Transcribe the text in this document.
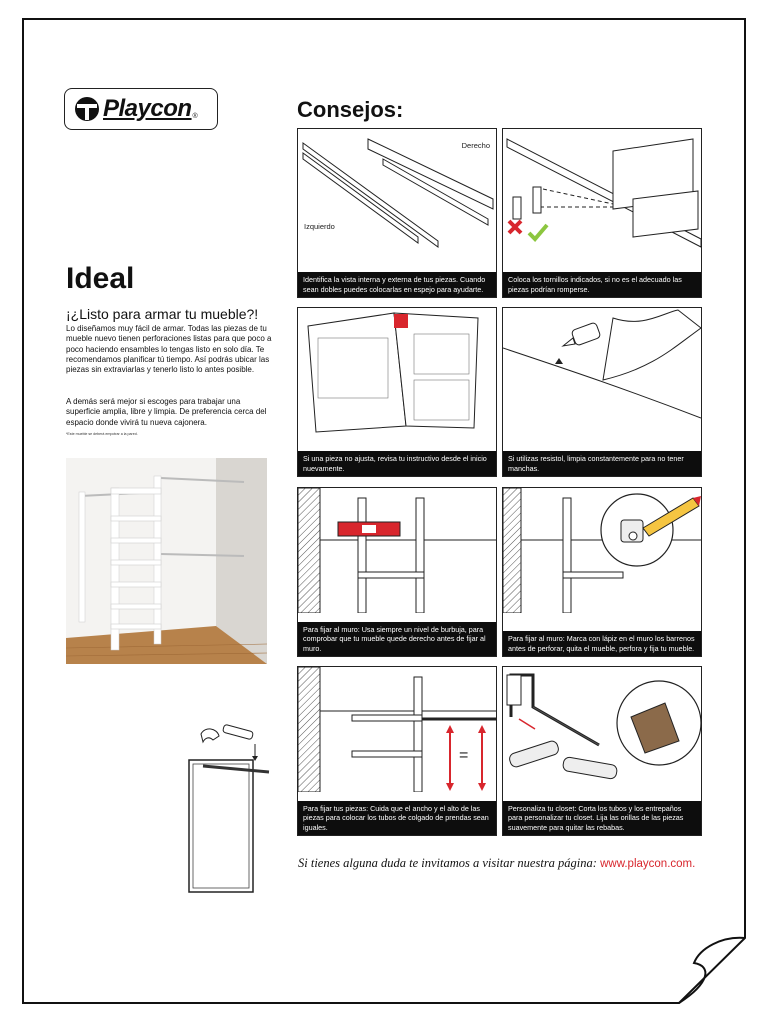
Playcon ®	Consejos:
Ideal

¡¿Listo para armar tu mueble?!

Lo diseñamos muy fácil de armar. Todas las piezas de tu mueble nuevo tienen perforaciones listas para que poco a poco haciendo ensambles lo tengas listo en solo día. Te recomendamos planificar tú tiempo. Así podrás ubicar las piezas sin extraviarlas y tenerlo listo lo antes posible.

A demás será mejor si escoges para trabajar una superficie amplia, libre y limpia. De preferencia cerca del espacio donde vivirá tu nueva cajonera.

*Este mueble se deberá empotrar a la pared.

Derecho
Izquierdo
Identifica la vista interna y externa de tus piezas. Cuando sean dobles puedes colocarlas en espejo para ayudarte.
Coloca los tornillos indicados, si no es el adecuado las piezas podrían romperse.
Si una pieza no ajusta, revisa tu instructivo desde el inicio nuevamente.
Si utilizas resistol, limpia constantemente para no tener manchas.
Para fijar al muro: Usa siempre un nivel de burbuja, para comprobar que tu mueble quede derecho antes de fijar al muro.
Para fijar al muro: Marca con lápiz en el muro los barrenos antes de perforar, quita el mueble, perfora y fija tu mueble.
=
Para fijar tus piezas: Cuida que el ancho y el alto de las piezas para colocar los tubos de colgado de prendas sean iguales.
Personaliza tu closet: Corta los tubos y los entrepaños para personalizar tu closet. Lija las orillas de las piezas suavemente para quitar las rebabas.

Si tienes alguna duda te invitamos a visitar nuestra página: www.playcon.com.
